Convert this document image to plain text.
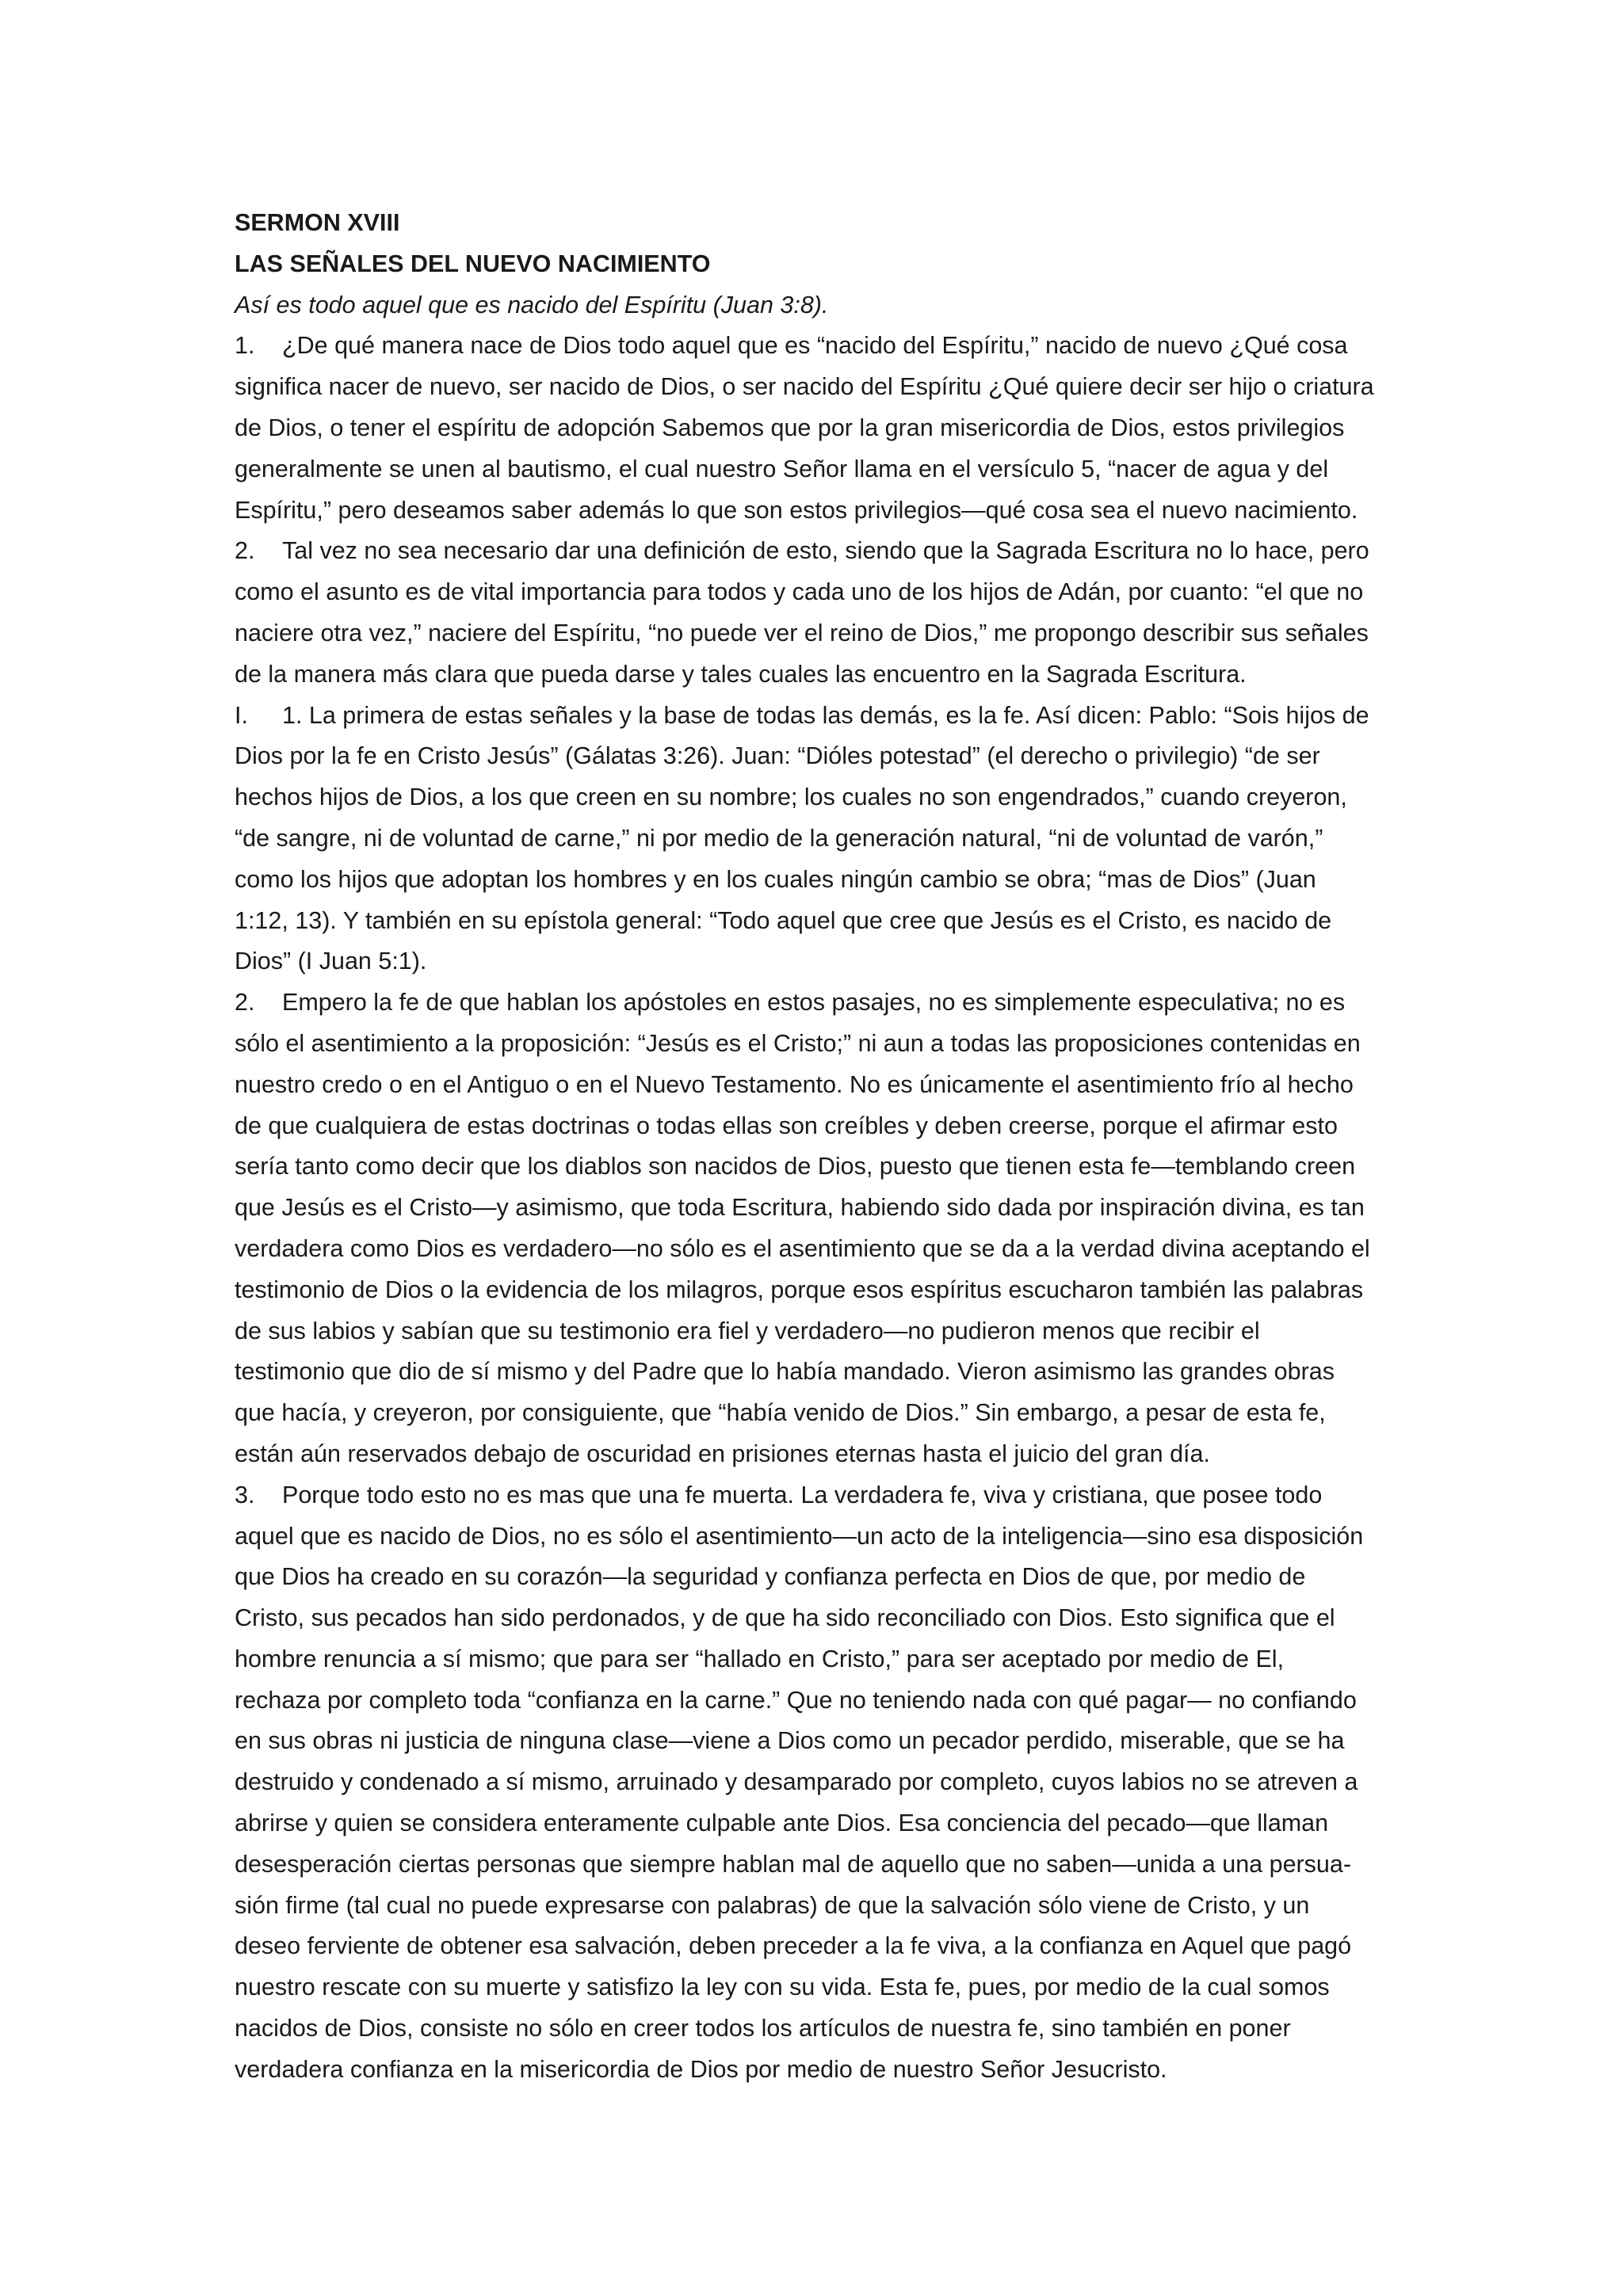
SERMON XVIII
LAS SEÑALES DEL NUEVO NACIMIENTO
Así es todo aquel que es nacido del Espíritu (Juan 3:8).
1. ¿De qué manera nace de Dios todo aquel que es “nacido del Espíritu,” nacido de nuevo ¿Qué cosa
significa nacer de nuevo, ser nacido de Dios, o ser nacido del Espíritu ¿Qué quiere decir ser hijo o criatura
de Dios, o tener el espíritu de adopción Sabemos que por la gran misericordia de Dios, estos privilegios
generalmente se unen al bautismo, el cual nuestro Señor llama en el versículo 5, “nacer de agua y del
Espíritu,” pero deseamos saber además lo que son estos privilegios—qué cosa sea el nuevo nacimiento.
2. Tal vez no sea necesario dar una definición de esto, siendo que la Sagrada Escritura no lo hace, pero
como el asunto es de vital importancia para todos y cada uno de los hijos de Adán, por cuanto: “el que no
naciere otra vez,” naciere del Espíritu, “no puede ver el reino de Dios,” me propongo describir sus señales
de la manera más clara que pueda darse y tales cuales las encuentro en la Sagrada Escritura.
I. 1. La primera de estas señales y la base de todas las demás, es la fe. Así dicen: Pablo: “Sois hijos de
Dios por la fe en Cristo Jesús” (Gálatas 3:26). Juan: “Dióles potestad” (el derecho o privilegio) “de ser
hechos hijos de Dios, a los que creen en su nombre; los cuales no son engendrados,” cuando creyeron,
“de sangre, ni de voluntad de carne,” ni por medio de la generación natural, “ni de voluntad de varón,”
como los hijos que adoptan los hombres y en los cuales ningún cambio se obra; “mas de Dios” (Juan
1:12, 13). Y también en su epístola general: “Todo aquel que cree que Jesús es el Cristo, es nacido de
Dios” (I Juan 5:1).
2. Empero la fe de que hablan los apóstoles en estos pasajes, no es simplemente especulativa; no es
sólo el asentimiento a la proposición: “Jesús es el Cristo;” ni aun a todas las proposiciones contenidas en
nuestro credo o en el Antiguo o en el Nuevo Testamento. No es únicamente el asentimiento frío al hecho
de que cualquiera de estas doctrinas o todas ellas son creíbles y deben creerse, porque el afirmar esto
sería tanto como decir que los diablos son nacidos de Dios, puesto que tienen esta fe—temblando creen
que Jesús es el Cristo—y asimismo, que toda Escritura, habiendo sido dada por inspiración divina, es tan
verdadera como Dios es verdadero—no sólo es el asentimiento que se da a la verdad divina aceptando el
testimonio de Dios o la evidencia de los milagros, porque esos espíritus escucharon también las palabras
de sus labios y sabían que su testimonio era fiel y verdadero—no pudieron menos que recibir el
testimonio que dio de sí mismo y del Padre que lo había mandado. Vieron asimismo las grandes obras
que hacía, y creyeron, por consiguiente, que “había venido de Dios.” Sin embargo, a pesar de esta fe,
están aún reservados debajo de oscuridad en prisiones eternas hasta el juicio del gran día.
3. Porque todo esto no es mas que una fe muerta. La verdadera fe, viva y cristiana, que posee todo
aquel que es nacido de Dios, no es sólo el asentimiento—un acto de la inteligencia—sino esa disposición
que Dios ha creado en su corazón—la seguridad y confianza perfecta en Dios de que, por medio de
Cristo, sus pecados han sido perdonados, y de que ha sido reconciliado con Dios. Esto significa que el
hombre renuncia a sí mismo; que para ser “hallado en Cristo,” para ser aceptado por medio de El,
rechaza por completo toda “confianza en la carne.” Que no teniendo nada con qué pagar— no confiando
en sus obras ni justicia de ninguna clase—viene a Dios como un pecador perdido, miserable, que se ha
destruido y condenado a sí mismo, arruinado y desamparado por completo, cuyos labios no se atreven a
abrirse y quien se considera enteramente culpable ante Dios. Esa conciencia del pecado—que llaman
desesperación ciertas personas que siempre hablan mal de aquello que no saben—unida a una persua-
sión firme (tal cual no puede expresarse con palabras) de que la salvación sólo viene de Cristo, y un
deseo ferviente de obtener esa salvación, deben preceder a la fe viva, a la confianza en Aquel que pagó
nuestro rescate con su muerte y satisfizo la ley con su vida. Esta fe, pues, por medio de la cual somos
nacidos de Dios, consiste no sólo en creer todos los artículos de nuestra fe, sino también en poner
verdadera confianza en la misericordia de Dios por medio de nuestro Señor Jesucristo.
